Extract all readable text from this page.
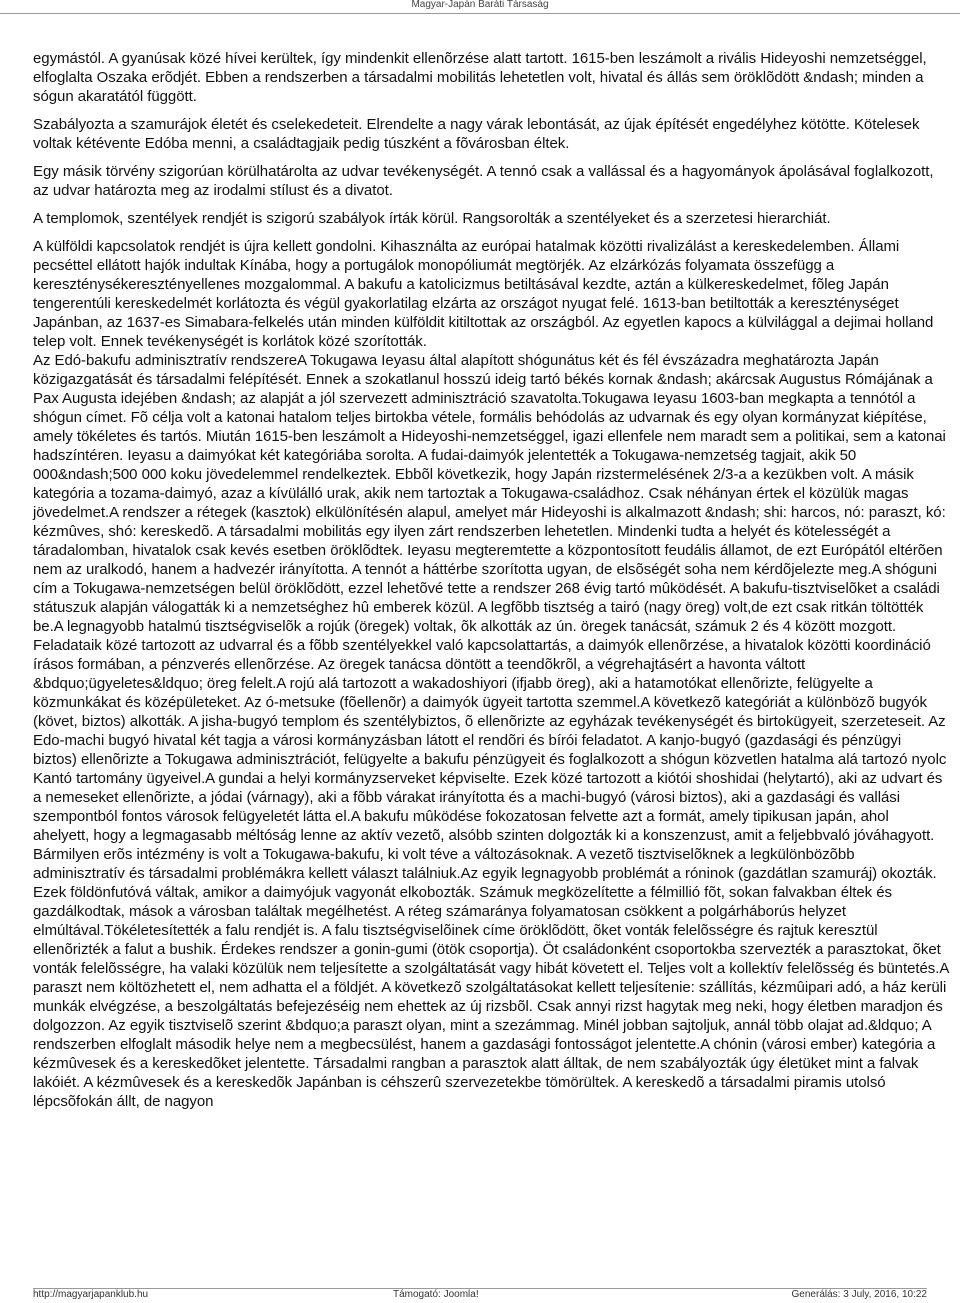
Magyar-Japán Baráti Társaság

egymástól. A gyanúsak közé hívei kerültek, így mindenkit ellenõrzése alatt tartott. 1615-ben leszámolt a rivális Hideyoshi nemzetséggel, elfoglalta Oszaka erõdjét. Ebben a rendszerben a társadalmi mobilitás lehetetlen volt, hivatal és állás sem öröklõdött &ndash; minden a sógun akaratától függött.

Szabályozta a szamurájok életét és cselekedeteit. Elrendelte a nagy várak lebontását, az újak építését engedélyhez kötötte. Kötelesek voltak kétévente Edóba menni, a családtagjaik pedig túszként a fõvárosban éltek.

Egy másik törvény szigorúan körülhatárolta az udvar tevékenységét. A tennó csak a vallással és a hagyományok ápolásával foglalkozott, az udvar határozta meg az irodalmi stílust és a divatot.

A templomok, szentélyek rendjét is szigorú szabályok írták körül. Rangsorolták a szentélyeket és a szerzetesi hierarchiát.

A külföldi kapcsolatok rendjét is újra kellett gondolni. Kihasználta az európai hatalmak közötti rivalizálást a kereskedelemben. Állami pecséttel ellátott hajók indultak Kínába, hogy a portugálok monopóliumát megtörjék. Az elzárkózás folyamata összefügg a kereszténysékeresztényellenes mozgalommal. A bakufu a katolicizmus betiltásával kezdte, aztán a külkereskedelmet, fõleg Japán tengerentúli kereskedelmét korlátozta és végül gyakorlatilag elzárta az országot nyugat felé. 1613-ban betiltották a kereszténységet Japánban, az 1637-es Simabara-felkelés után minden külföldit kitiltottak az országból. Az egyetlen kapocs a külvilággal a dejimai holland telep volt. Ennek tevékenységét is korlátok közé szorították.

Az Edó-bakufu adminisztratív rendszereA Tokugawa Ieyasu által alapított shógunátus két és fél évszázadra meghatározta Japán közigazgatását és társadalmi felépítését. Ennek a szokatlanul hosszú ideig tartó békés kornak &ndash; akárcsak Augustus Rómájának a Pax Augusta idejében &ndash; az alapját a jól szervezett adminisztráció szavatolta.Tokugawa Ieyasu 1603-ban megkapta a tennótól a shógun címet. Fõ célja volt a katonai hatalom teljes birtokba vétele, formális behódolás az udvarnak és egy olyan kormányzat kiépítése, amely tökéletes és tartós. Miután 1615-ben leszámolt a Hideyoshi-nemzetséggel, igazi ellenfele nem maradt sem a politikai, sem a katonai hadszíntéren. Ieyasu a daimyókat két kategóriába sorolta. A fudai-daimyók jelentették a Tokugawa-nemzetség tagjait, akik 50 000&ndash;500 000 koku jövedelemmel rendelkeztek. Ebbõl következik, hogy Japán rizstermelésének 2/3-a a kezükben volt. A másik kategória a tozama-daimyó, azaz a kívülálló urak, akik nem tartoztak a Tokugawa-családhoz. Csak néhányan értek el közülük magas jövedelmet.A rendszer a rétegek (kasztok) elkülönítésén alapul, amelyet már Hideyoshi is alkalmazott &ndash; shi: harcos, nó: paraszt, kó: kézmûves, shó: kereskedõ. A társadalmi mobilitás egy ilyen zárt rendszerben lehetetlen. Mindenki tudta a helyét és kötelességét a táradalomban, hivatalok csak kevés esetben öröklõdtek. Ieyasu megteremtette a központosított feudális államot, de ezt Európától eltérõen nem az uralkodó, hanem a hadvezér irányította. A tennót a háttérbe szorította ugyan, de elsõségét soha nem kérdõjelezte meg.A shóguni cím a Tokugawa-nemzetségen belül öröklõdött, ezzel lehetõvé tette a rendszer 268 évig tartó mûködését. A bakufu-tisztviselõket a családi státuszuk alapján válogatták ki a nemzetséghez hû emberek közül. A legfõbb tisztség a tairó (nagy öreg) volt,de ezt csak ritkán töltötték be.A legnagyobb hatalmú tisztségviselõk a rojúk (öregek) voltak, õk alkották az ún. öregek tanácsát, számuk 2 és 4 között mozgott. Feladataik közé tartozott az udvarral és a fõbb szentélyekkel való kapcsolattartás, a daimyók ellenõrzése, a hivatalok közötti koordináció írásos formában, a pénzverés ellenõrzése. Az öregek tanácsa döntött a teendõkrõl, a végrehajtásért a havonta váltott &bdquo;ügyeletes&ldquo; öreg felelt.A rojú alá tartozott a wakadoshiyori (ifjabb öreg), aki a hatamotókat ellenõrizte, felügyelte a közmunkákat és középületeket. Az ó-metsuke (fõellenõr) a daimyók ügyeit tartotta szemmel.A következõ kategóriát a különbözõ bugyók (követ, biztos) alkották. A jisha-bugyó templom és szentélybiztos, õ ellenõrizte az egyházak tevékenységét és birtokügyeit, szerzeteseit. Az Edo-machi bugyó hivatal két tagja a városi kormányzásban látott el rendõri és bírói feladatot. A kanjo-bugyó (gazdasági és pénzügyi biztos) ellenõrizte a Tokugawa adminisztrációt, felügyelte a bakufu pénzügyeit és foglalkozott a shógun közvetlen hatalma alá tartozó nyolc Kantó tartomány ügyeivel.A gundai a helyi kormányzserveket képviselte. Ezek közé tartozott a kiótói shoshidai (helytartó), aki az udvart és a nemeseket ellenõrizte, a jódai (várnagy), aki a fõbb várakat irányította és a machi-bugyó (városi biztos), aki a gazdasági és vallási szempontból fontos városok felügyeletét látta el.A bakufu mûködése fokozatosan felvette azt a formát, amely tipikusan japán, ahol ahelyett, hogy a legmagasabb méltóság lenne az aktív vezetõ, alsóbb szinten dolgozták ki a konszenzust, amit a feljebbvaló jóváhagyott. Bármilyen erõs intézmény is volt a Tokugawa-bakufu, ki volt téve a változásoknak. A vezetõ tisztviselõknek a legkülönbözõbb adminisztratív és társadalmi problémákra kellett választ találniuk.Az egyik legnagyobb problémát a róninok (gazdátlan szamuráj) okozták. Ezek földönfutóvá váltak, amikor a daimyójuk vagyonát elkobozták. Számuk megközelítette a félmillió fõt, sokan falvakban éltek és gazdálkodtak, mások a városban találtak megélhetést. A réteg számaránya folyamatosan csökkent a polgárháborús helyzet elmúltával.Tökéletesítették a falu rendjét is. A falu tisztségviselõinek címe öröklõdött, õket vonták felelõsségre és rajtuk keresztül ellenõrizték a falut a bushik. Érdekes rendszer a gonin-gumi (ötök csoportja). Öt családonként csoportokba szervezték a parasztokat, õket vonták felelõsségre, ha valaki közülük nem teljesítette a szolgáltatását vagy hibát követett el. Teljes volt a kollektív felelõsség és büntetés.A paraszt nem költözhetett el, nem adhatta el a földjét. A következõ szolgáltatásokat kellett teljesítenie: szállítás, kézmûipari adó, a ház kerüli munkák elvégzése, a beszolgáltatás befejezéséig nem ehettek az új rizsbõl. Csak annyi rizst hagytak meg neki, hogy életben maradjon és dolgozzon. Az egyik tisztviselõ szerint &bdquo;a paraszt olyan, mint a szezámmag. Minél jobban sajtoljuk, annál több olajat ad.&ldquo; A rendszerben elfoglalt második helye nem a megbecsülést, hanem a gazdasági fontosságot jelentette.A chónin (városi ember) kategória a kézmûvesek és a kereskedõket jelentette. Társadalmi rangban a parasztok alatt álltak, de nem szabályozták úgy életüket mint a falvak lakóiét. A kézmûvesek és a kereskedõk Japánban is céhszerû szervezetekbe tömörültek. A kereskedõ a társadalmi piramis utolsó lépcsõfokán állt, de nagyon

http://magyarjapanklub.hu	Támogató: Joomla!	Generálás: 3 July, 2016, 10:22
